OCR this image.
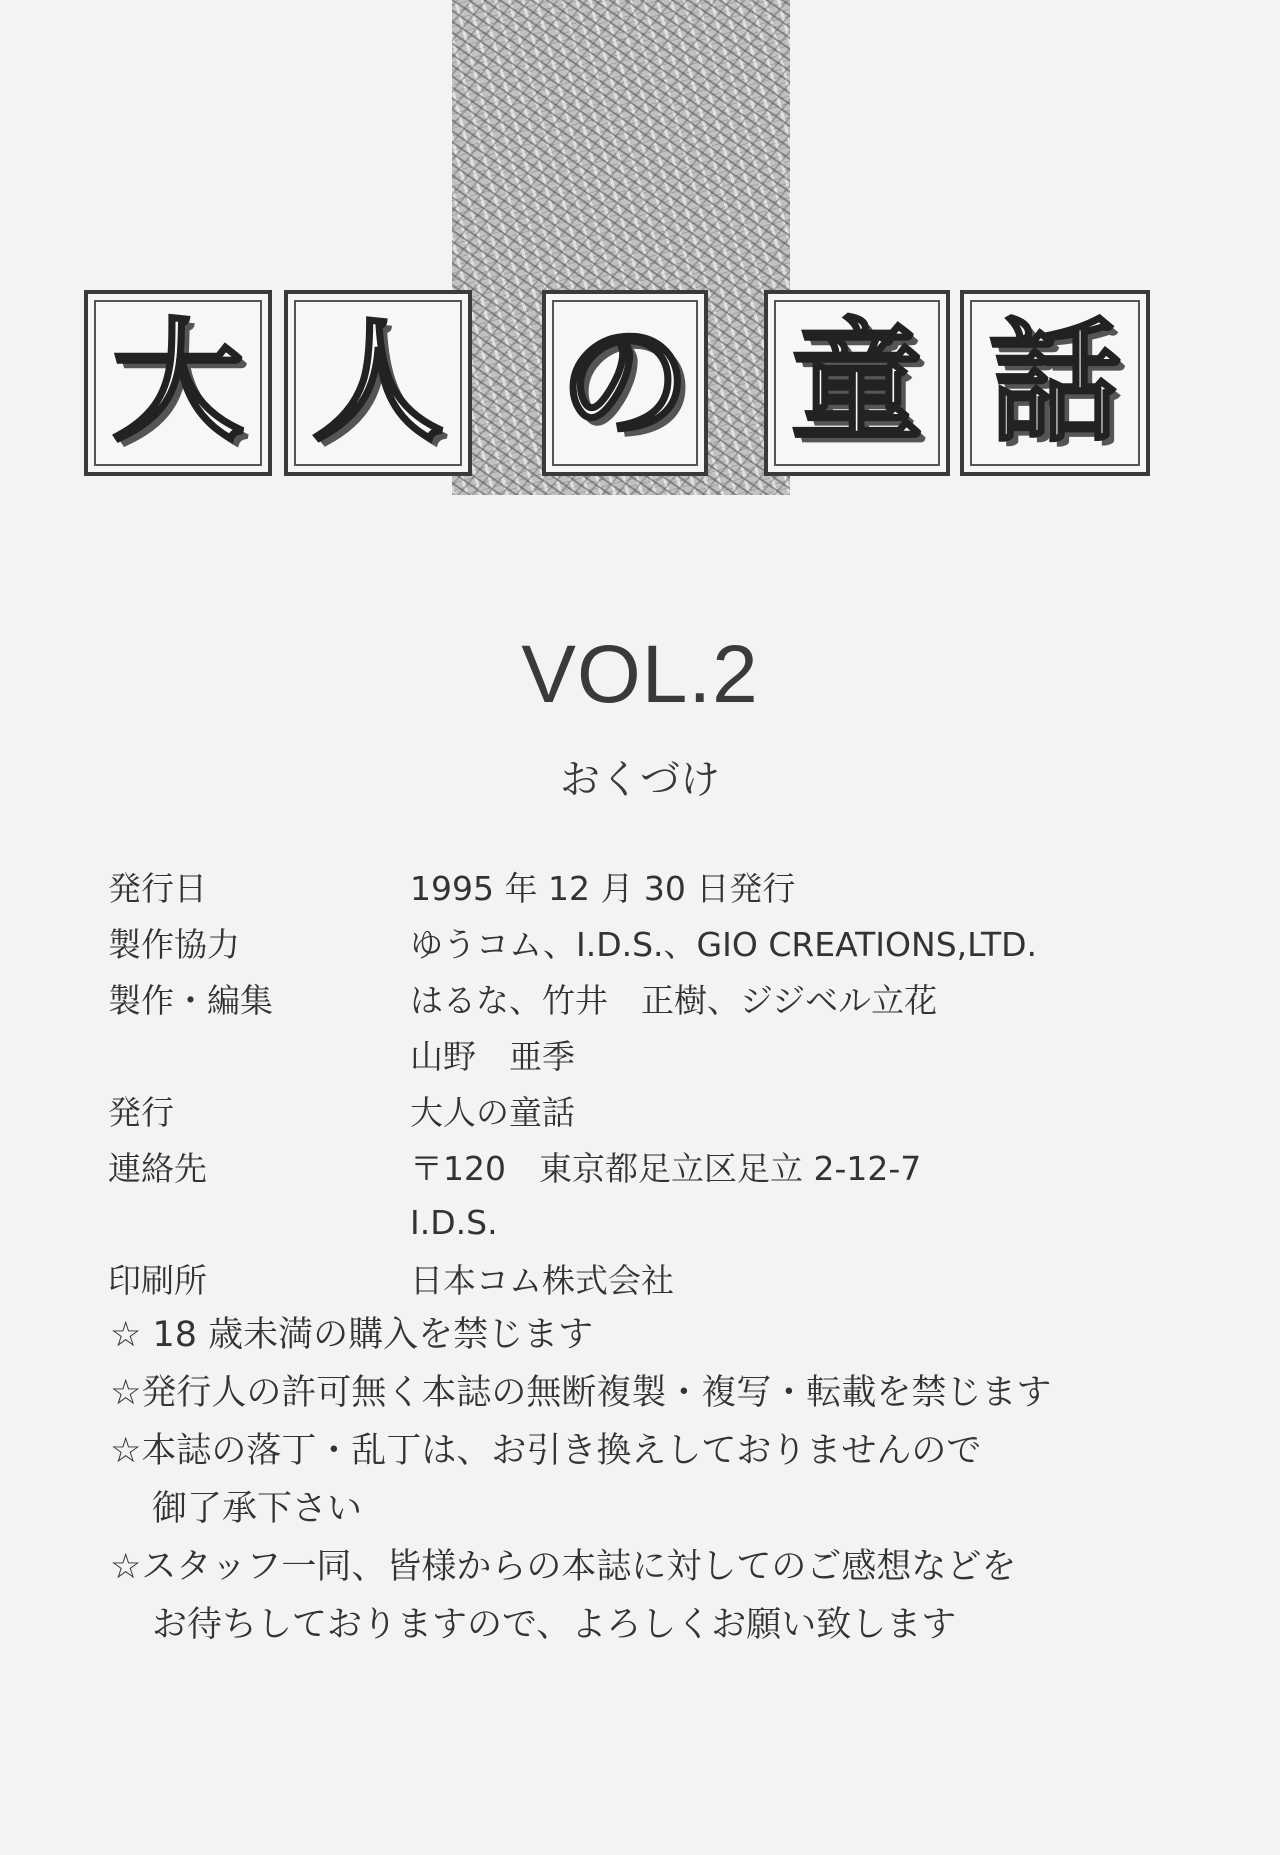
大 人 の 童 話
VOL.2
おくづけ
発行日	1995 年 12 月 30 日発行
製作協力	ゆうコム、I.D.S.、GIO CREATIONS,LTD.
製作・編集	はるな、竹井　正樹、ジジベル立花
山野　亜季
発行	大人の童話
連絡先	〒120　東京都足立区足立 2-12-7
I.D.S.
印刷所	日本コム株式会社
☆ 18 歳未満の購入を禁じます
☆発行人の許可無く本誌の無断複製・複写・転載を禁じます
☆本誌の落丁・乱丁は、お引き換えしておりませんので
御了承下さい
☆スタッフ一同、皆様からの本誌に対してのご感想などを
お待ちしておりますので、よろしくお願い致します
